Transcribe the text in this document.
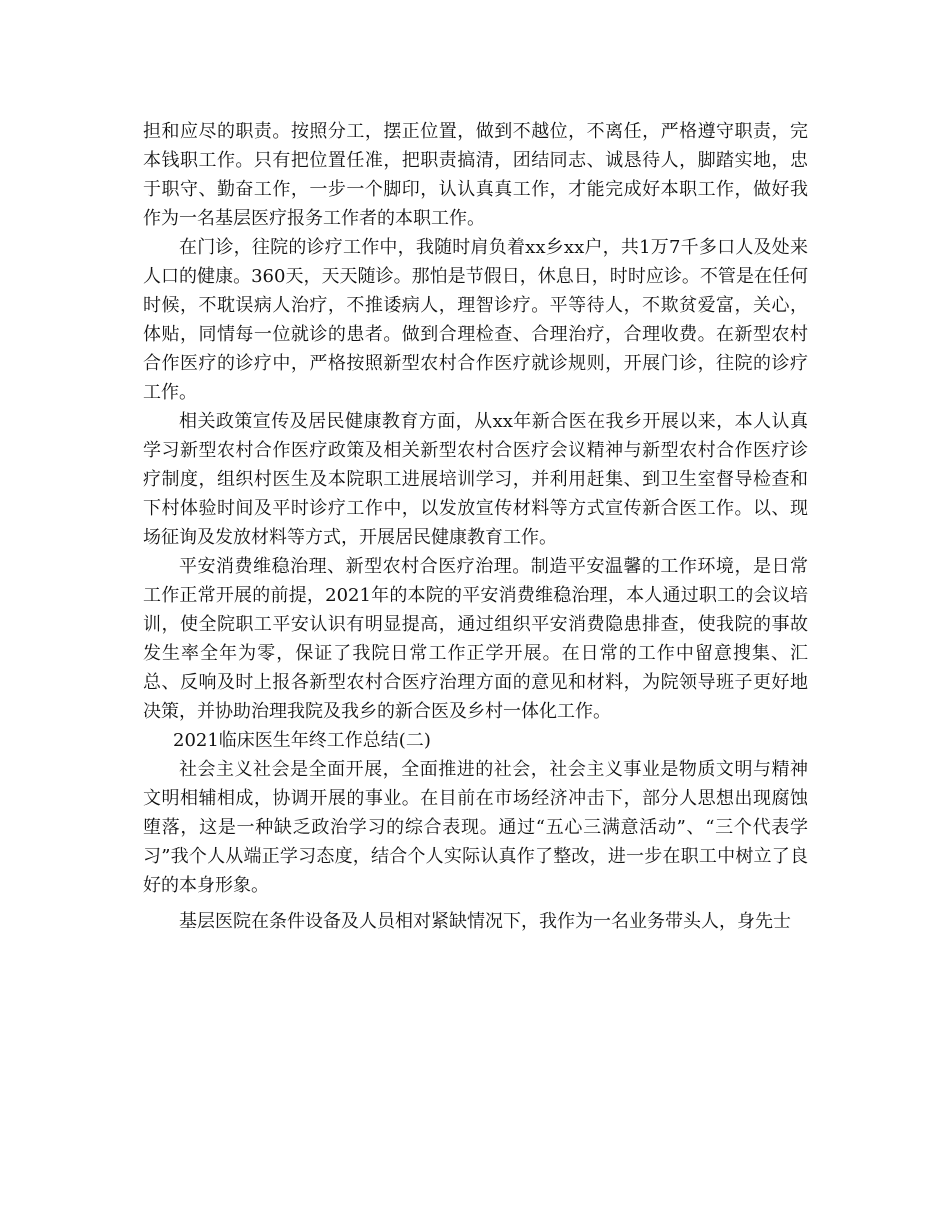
担和应尽的职责。按照分工，摆正位置，做到不越位，不离任，严格遵守职责，完本钱职工作。只有把位置任准，把职责搞清，团结同志、诚恳待人，脚踏实地，忠于职守、勤奋工作，一步一个脚印，认认真真工作，才能完成好本职工作，做好我作为一名基层医疗报务工作者的本职工作。

在门诊，往院的诊疗工作中，我随时肩负着xx乡xx户，共1万7千多口人及处来人口的健康。360天，天天随诊。那怕是节假日，休息日，时时应诊。不管是在任何时候，不耽误病人治疗，不推诿病人，理智诊疗。平等待人，不欺贫爱富，关心，体贴，同情每一位就诊的患者。做到合理检查、合理治疗，合理收费。在新型农村合作医疗的诊疗中，严格按照新型农村合作医疗就诊规则，开展门诊，往院的诊疗工作。

相关政策宣传及居民健康教育方面，从xx年新合医在我乡开展以来，本人认真学习新型农村合作医疗政策及相关新型农村合医疗会议精神与新型农村合作医疗诊疗制度，组织村医生及本院职工进展培训学习，并利用赶集、到卫生室督导检查和下村体验时间及平时诊疗工作中，以发放宣传材料等方式宣传新合医工作。以、现场征询及发放材料等方式，开展居民健康教育工作。

平安消费维稳治理、新型农村合医疗治理。制造平安温馨的工作环境，是日常工作正常开展的前提，2021年的本院的平安消费维稳治理，本人通过职工的会议培训，使全院职工平安认识有明显提高，通过组织平安消费隐患排查，使我院的事故发生率全年为零，保证了我院日常工作正学开展。在日常的工作中留意搜集、汇总、反响及时上报各新型农村合医疗治理方面的意见和材料，为院领导班子更好地决策，并协助治理我院及我乡的新合医及乡村一体化工作。

2021临床医生年终工作总结(二)

社会主义社会是全面开展，全面推进的社会，社会主义事业是物质文明与精神文明相辅相成，协调开展的事业。在目前在市场经济冲击下，部分人思想出现腐蚀堕落，这是一种缺乏政治学习的综合表现。通过“五心三满意活动”、“三个代表学习”我个人从端正学习态度，结合个人实际认真作了整改，进一步在职工中树立了良好的本身形象。

基层医院在条件设备及人员相对紧缺情况下，我作为一名业务带头人，身先士
